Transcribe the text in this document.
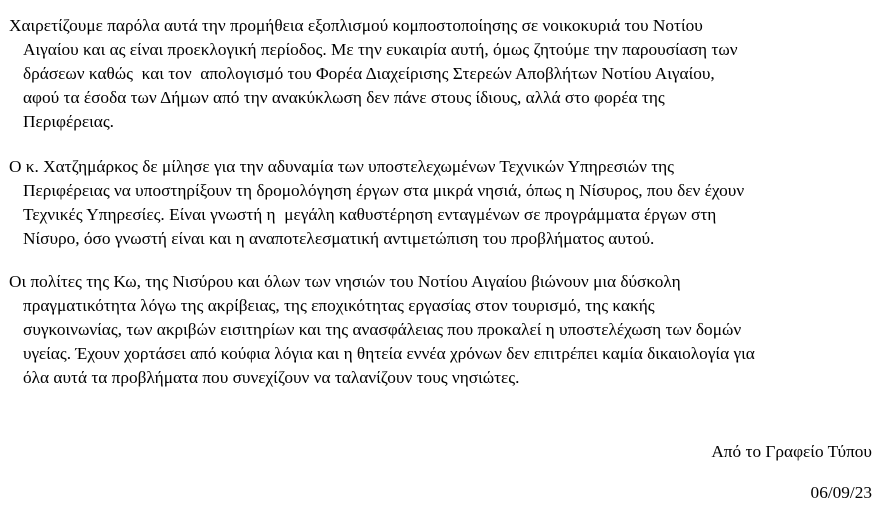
Χαιρετίζουμε παρόλα αυτά την προμήθεια εξοπλισμού κομποστοποίησης σε νοικοκυριά του Νοτίου
Αιγαίου και ας είναι προεκλογική περίοδος. Με την ευκαιρία αυτή, όμως ζητούμε την παρουσίαση των
δράσεων καθώς  και τον  απολογισμό του Φορέα Διαχείρισης Στερεών Αποβλήτων Νοτίου Αιγαίου,
αφού τα έσοδα των Δήμων από την ανακύκλωση δεν πάνε στους ίδιους, αλλά στο φορέα της
Περιφέρειας.
Ο κ. Χατζημάρκος δε μίλησε για την αδυναμία των υποστελεχωμένων Τεχνικών Υπηρεσιών της
Περιφέρειας να υποστηρίξουν τη δρομολόγηση έργων στα μικρά νησιά, όπως η Νίσυρος, που δεν έχουν
Τεχνικές Υπηρεσίες. Είναι γνωστή η  μεγάλη καθυστέρηση ενταγμένων σε προγράμματα έργων στη
Νίσυρο, όσο γνωστή είναι και η αναποτελεσματική αντιμετώπιση του προβλήματος αυτού.
Οι πολίτες της Κω, της Νισύρου και όλων των νησιών του Νοτίου Αιγαίου βιώνουν μια δύσκολη
πραγματικότητα λόγω της ακρίβειας, της εποχικότητας εργασίας στον τουρισμό, της κακής
συγκοινωνίας, των ακριβών εισιτηρίων και της ανασφάλειας που προκαλεί η υποστελέχωση των δομών
υγείας. Έχουν χορτάσει από κούφια λόγια και η θητεία εννέα χρόνων δεν επιτρέπει καμία δικαιολογία για
όλα αυτά τα προβλήματα που συνεχίζουν να ταλανίζουν τους νησιώτες.
Από το Γραφείο Τύπου
06/09/23
